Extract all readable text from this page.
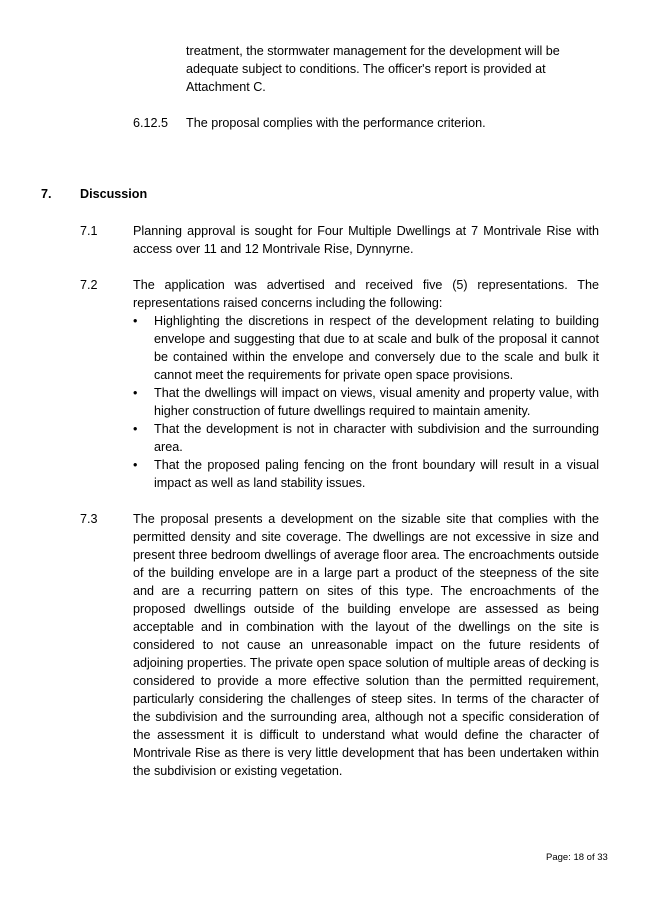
treatment, the stormwater management for the development will be
adequate subject to conditions. The officer's report is provided at
Attachment C.
6.12.5 The proposal complies with the performance criterion.
7. Discussion
7.1	Planning approval is sought for Four Multiple Dwellings at 7 Montrivale Rise with access over 11 and 12 Montrivale Rise, Dynnyrne.
7.2	The application was advertised and received five (5) representations. The representations raised concerns including the following:
• Highlighting the discretions in respect of the development relating to building envelope and suggesting that due to at scale and bulk of the proposal it cannot be contained within the envelope and conversely due to the scale and bulk it cannot meet the requirements for private open space provisions.
• That the dwellings will impact on views, visual amenity and property value, with higher construction of future dwellings required to maintain amenity.
• That the development is not in character with subdivision and the surrounding area.
• That the proposed paling fencing on the front boundary will result in a visual impact as well as land stability issues.
7.3	The proposal presents a development on the sizable site that complies with the permitted density and site coverage. The dwellings are not excessive in size and present three bedroom dwellings of average floor area. The encroachments outside of the building envelope are in a large part a product of the steepness of the site and are a recurring pattern on sites of this type. The encroachments of the proposed dwellings outside of the building envelope are assessed as being acceptable and in combination with the layout of the dwellings on the site is considered to not cause an unreasonable impact on the future residents of adjoining properties. The private open space solution of multiple areas of decking is considered to provide a more effective solution than the permitted requirement, particularly considering the challenges of steep sites. In terms of the character of the subdivision and the surrounding area, although not a specific consideration of the assessment it is difficult to understand what would define the character of Montrivale Rise as there is very little development that has been undertaken within the subdivision or existing vegetation.
Page: 18 of 33
